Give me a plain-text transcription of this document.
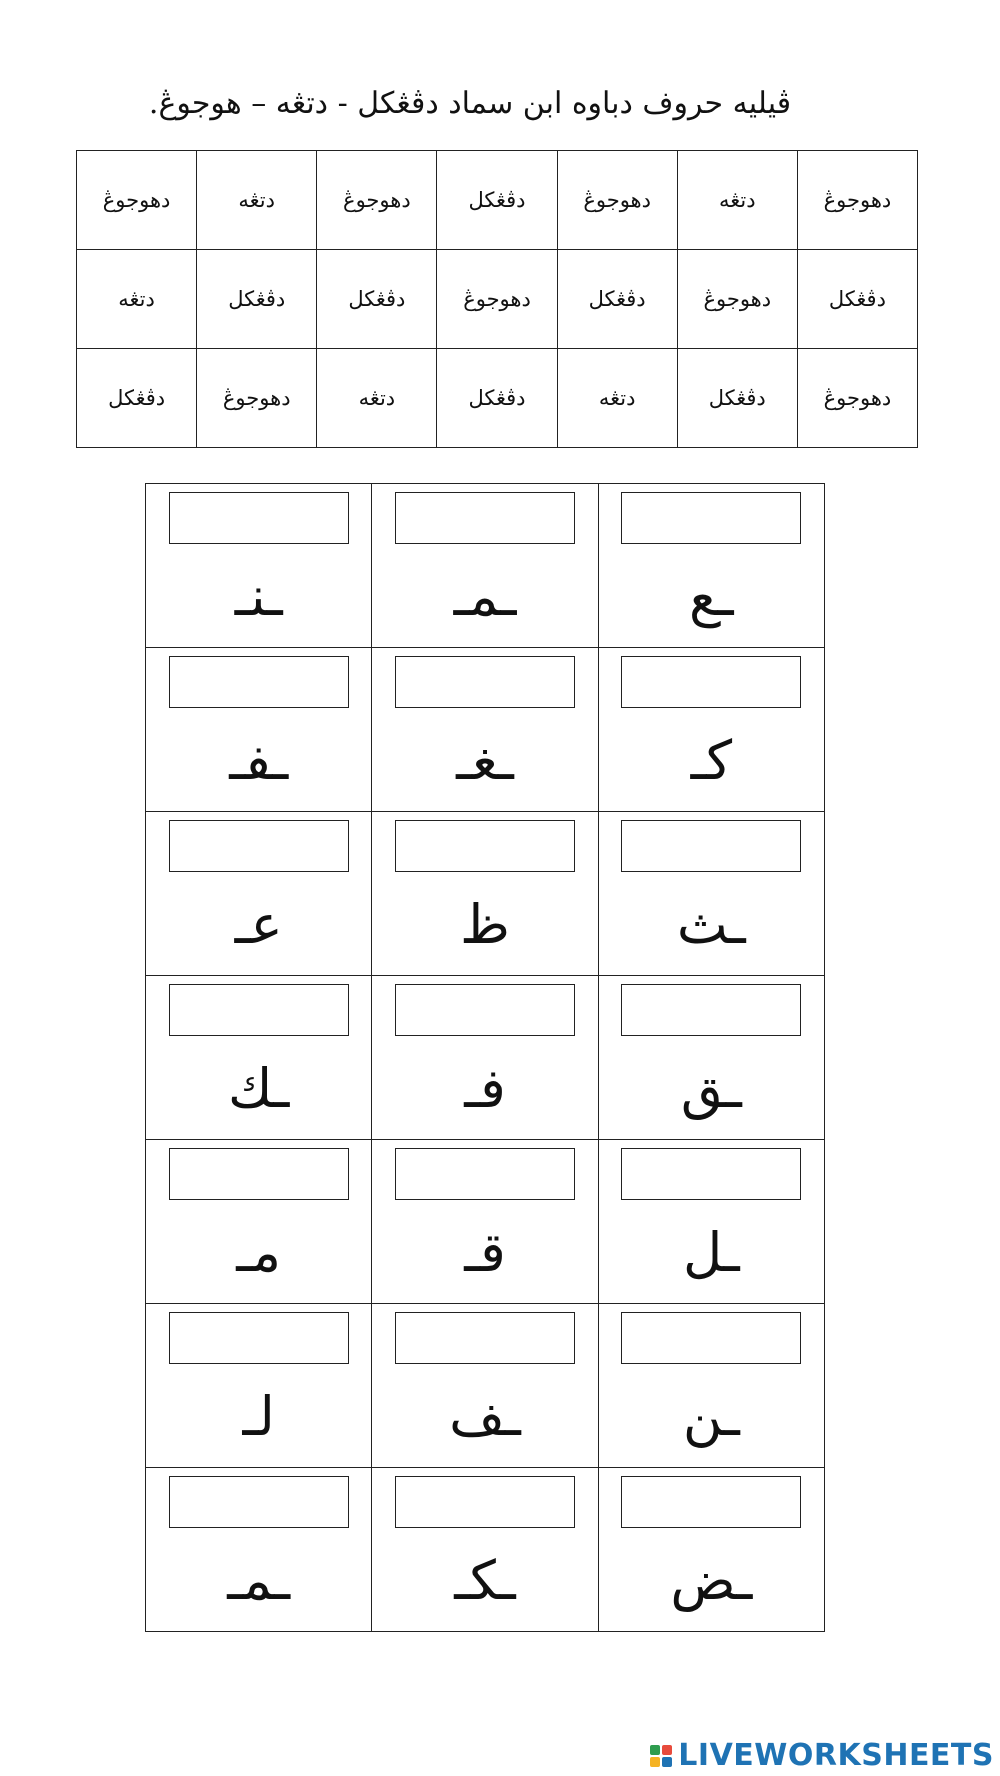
ڤيليه حروف دباوه ابن سماد دڤڠكل - دتڠه – هوجوڠ.
دهوجوڠ	دتڠه	دهوجوڠ	دڤڠكل	دهوجوڠ	دتڠه	دهوجوڠ
دڤڠكل	دهوجوڠ	دڤڠكل	دهوجوڠ	دڤڠكل	دڤڠكل	دتڠه
دهوجوڠ	دڤڠكل	دتڠه	دڤڠكل	دتڠه	دهوجوڠ	دڤڠكل
ـع	ـمـ	ـنـ

كـ	ـغـ	ـفـ

ـث	ظ	عـ

ـق	فـ	ـك

ـل	قـ	مـ

ـن	ـف	لـ

ـض	ـكـ	ـمـ
LIVEWORKSHEETS
